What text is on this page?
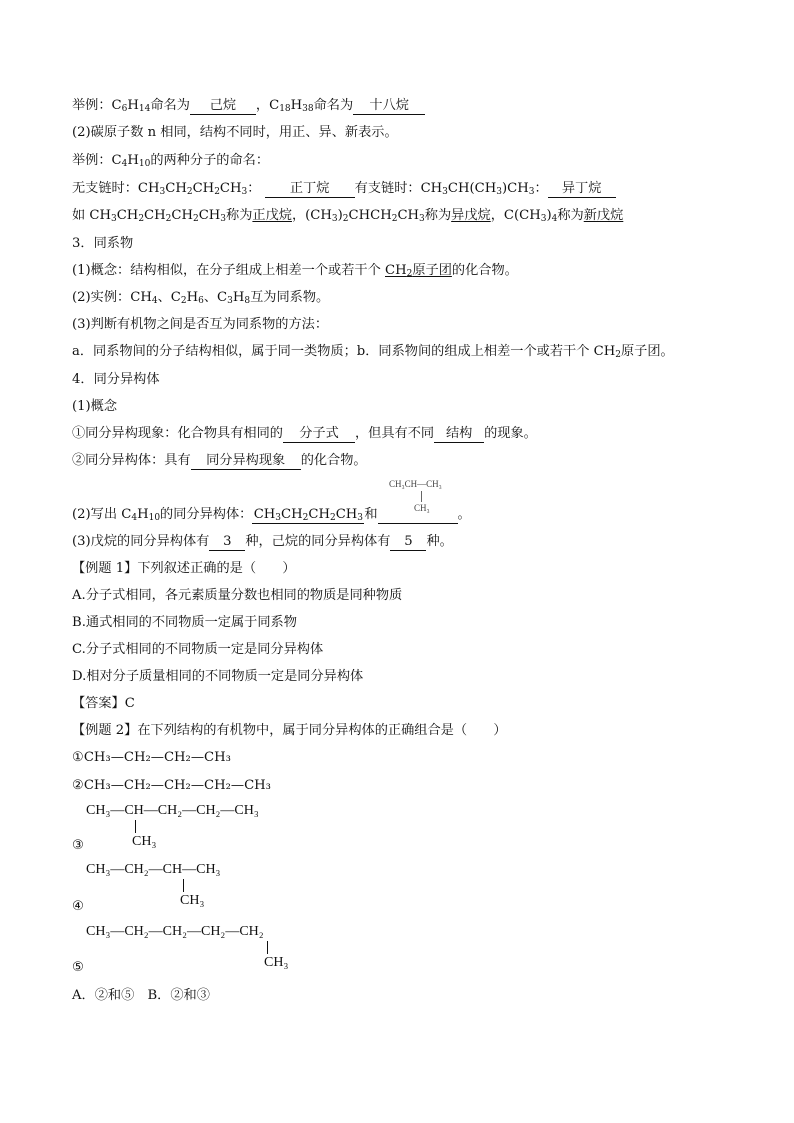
举例：$C_6H_{14}$命名为 己烷 ，$C_{18}H_{38}$命名为 十八烷
(2)碳原子数 n 相同，结构不同时，用正、异、新表示。
举例：$C_4H_{10}$的两种分子的命名：
无支链时：$CH_3CH_2CH_2CH_3$： 正丁烷 有支链时：$CH_3CH(CH_3)CH_3$： 异丁烷
如 $CH_3CH_2CH_2CH_2CH_3$称为正戊烷，$(CH_3)_2CHCH_2CH_3$称为异戊烷，$C(CH_3)_4$称为新戊烷
3．同系物
(1)概念：结构相似，在分子组成上相差一个或若干个 $CH_2$原子团的化合物。
(2)实例：$CH_4$、$C_2H_6$、$C_3H_8$互为同系物。
(3)判断有机物之间是否互为同系物的方法：
a．同系物间的分子结构相似，属于同一类物质；b．同系物间的组成上相差一个或若干个 $CH_2$原子团。
4．同分异构体
(1)概念
①同分异构现象：化合物具有相同的 分子式 ，但具有不同 结构 的现象。
②同分异构体：具有 同分异构现象 的化合物。
CH₃CH—CH₃
CH₃
(2)写出 $C_4H_{10}$的同分异构体：$CH_3CH_2CH_2CH_3$和	。
(3)戊烷的同分异构体有 3 种，己烷的同分异构体有 5 种。
【例题 1】下列叙述正确的是（　　）
A.分子式相同，各元素质量分数也相同的物质是同种物质
B.通式相同的不同物质一定属于同系物
C.分子式相同的不同物质一定是同分异构体
D.相对分子质量相同的不同物质一定是同分异构体
【答案】C
【例题 2】在下列结构的有机物中，属于同分异构体的正确组合是（　　）
①CH₃—CH₂—CH₂—CH₃
②CH₃—CH₂—CH₂—CH₂—CH₃
CH₃—CH—CH₂—CH₂—CH₃
CH₃
③
CH₃—CH₂—CH—CH₃
CH₃
④
CH₃—CH₂—CH₂—CH₂—CH₂
CH₃
⑤
A．②和⑤　B．②和③
